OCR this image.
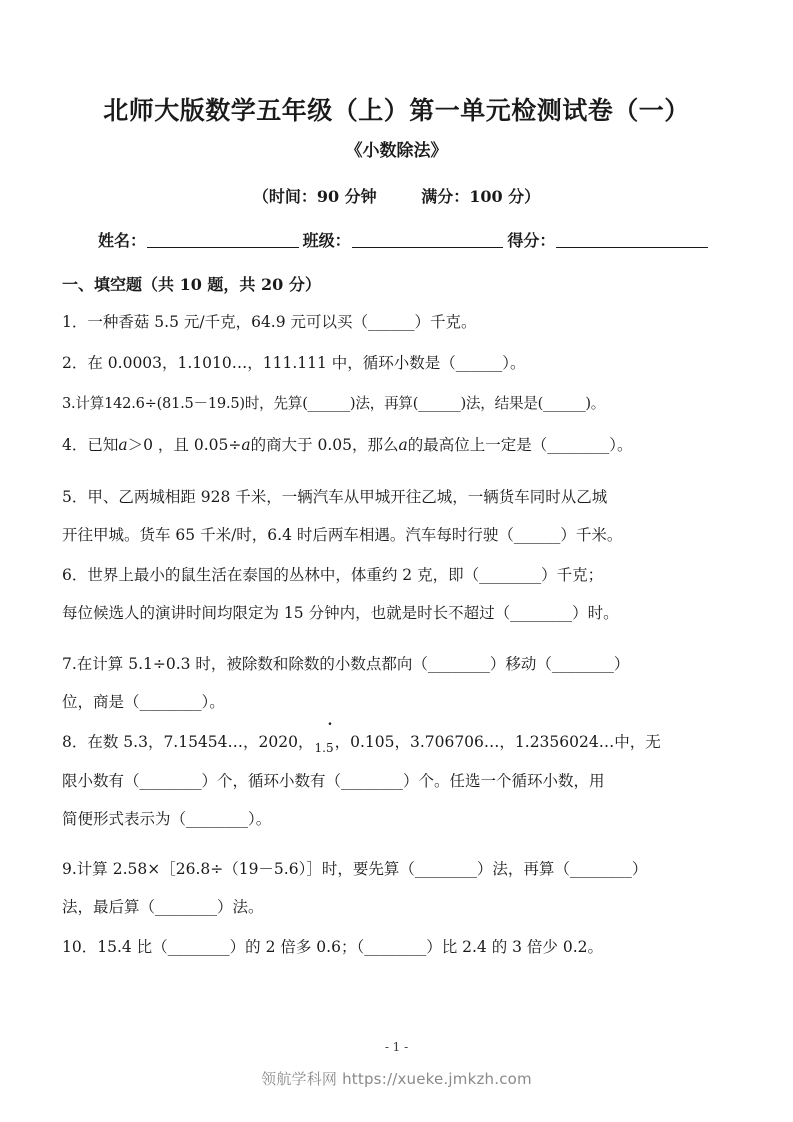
北师大版数学五年级（上）第一单元检测试卷（一）
《小数除法》
（时间：90 分钟        满分：100 分）
姓名：	班级：	得分：
一、填空题（共 10 题，共 20 分）
1．一种香菇 5.5 元/千克，64.9 元可以买（______）千克。
2．在 0.0003，1.1010…，111.111 中，循环小数是（______）。
3.计算142.6÷(81.5－19.5)时，先算(______)法，再算(______)法，结果是(______)。
4．已知a＞0 ，且 0.05÷a的商大于 0.05，那么a的最高位上一定是（________）。
5．甲、乙两城相距 928 千米，一辆汽车从甲城开往乙城，一辆货车同时从乙城
开往甲城。货车 65 千米/时，6.4 时后两车相遇。汽车每时行驶（______）千米。
6．世界上最小的鼠生活在泰国的丛林中，体重约 2 克，即（________）千克；
每位候选人的演讲时间均限定为 15 分钟内，也就是时长不超过（________）时。
7.在计算 5.1÷0.3 时，被除数和除数的小数点都向（________）移动（________）
位，商是（________）。
8．在数 5.3，7.15454…，2020，1.· 5，0.105，3.706706…，1.2356024…中，无
限小数有（________）个，循环小数有（________）个。任选一个循环小数，用
简便形式表示为（________）。
9.计算 2.58×［26.8÷（19－5.6）］时，要先算（________）法，再算（________）
法，最后算（________）法。
10．15.4 比（________）的 2 倍多 0.6；（________）比 2.4 的 3 倍少 0.2。
- 1 -
领航学科网 https://xueke.jmkzh.com
